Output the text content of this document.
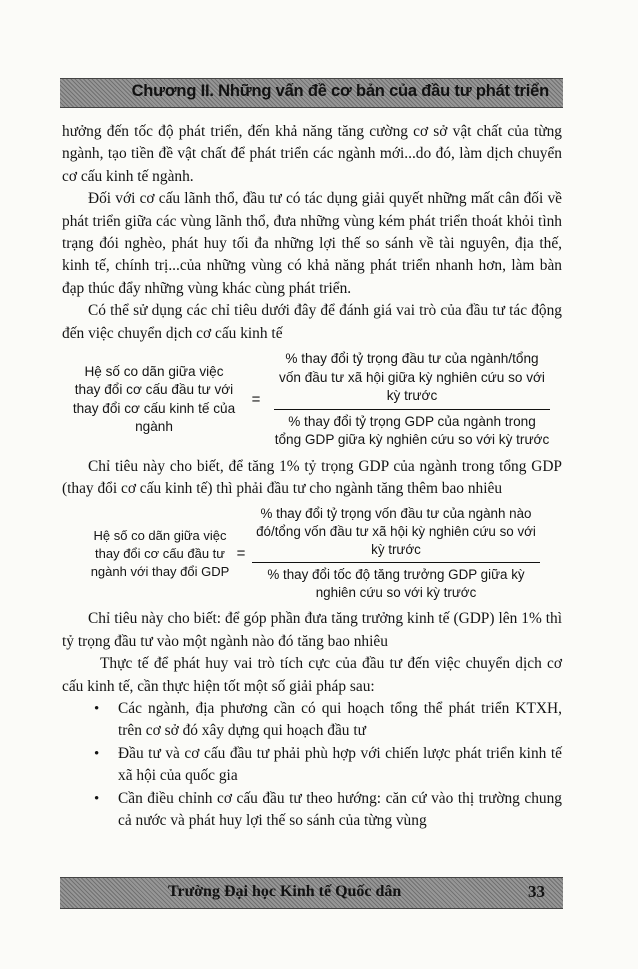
Chương II. Những vấn đề cơ bản của đầu tư phát triển

hưởng đến tốc độ phát triển, đến khả năng tăng cường cơ sở vật chất của từng ngành, tạo tiền đề vật chất để phát triển các ngành mới...do đó, làm dịch chuyển cơ cấu kinh tế ngành.

Đối với cơ cấu lãnh thổ, đầu tư có tác dụng giải quyết những mất cân đối về phát triển giữa các vùng lãnh thổ, đưa những vùng kém phát triển thoát khỏi tình trạng đói nghèo, phát huy tối đa những lợi thế so sánh về tài nguyên, địa thế, kinh tế, chính trị...của những vùng có khả năng phát triển nhanh hơn, làm bàn đạp thúc đẩy những vùng khác cùng phát triển.

Có thể sử dụng các chỉ tiêu dưới đây để đánh giá vai trò của đầu tư tác động đến việc chuyển dịch cơ cấu kinh tế

Hệ số co dãn giữa việc thay đổi cơ cấu đầu tư với thay đổi cơ cấu kinh tế của ngành
=
% thay đổi tỷ trọng đầu tư của ngành/tổng vốn đầu tư xã hội giữa kỳ nghiên cứu so với kỳ trước
% thay đổi tỷ trọng GDP của ngành trong tổng GDP giữa kỳ nghiên cứu so với kỳ trước

Chỉ tiêu này cho biết, để tăng 1% tỷ trọng GDP của ngành trong tổng GDP (thay đổi cơ cấu kinh tế) thì phải đầu tư cho ngành tăng thêm bao nhiêu

Hệ số co dãn giữa việc thay đổi cơ cấu đầu tư ngành với thay đổi GDP
=
% thay đổi tỷ trọng vốn đầu tư của ngành nào đó/tổng vốn đầu tư xã hội kỳ nghiên cứu so với kỳ trước
% thay đổi tốc độ tăng trưởng GDP giữa kỳ nghiên cứu so với kỳ trước

Chỉ tiêu này cho biết: để góp phần đưa tăng trưởng kinh tế (GDP) lên 1% thì tỷ trọng đầu tư vào một ngành nào đó tăng bao nhiêu

Thực tế để phát huy vai trò tích cực của đầu tư đến việc chuyển dịch cơ cấu kinh tế, cần thực hiện tốt một số giải pháp sau:

• Các ngành, địa phương cần có qui hoạch tổng thể phát triển KTXH, trên cơ sở đó xây dựng qui hoạch đầu tư
• Đầu tư và cơ cấu đầu tư phải phù hợp với chiến lược phát triển kinh tế xã hội của quốc gia
• Cần điều chỉnh cơ cấu đầu tư theo hướng: căn cứ vào thị trường chung cả nước và phát huy lợi thế so sánh của từng vùng
Trường Đại học Kinh tế Quốc dân	33
